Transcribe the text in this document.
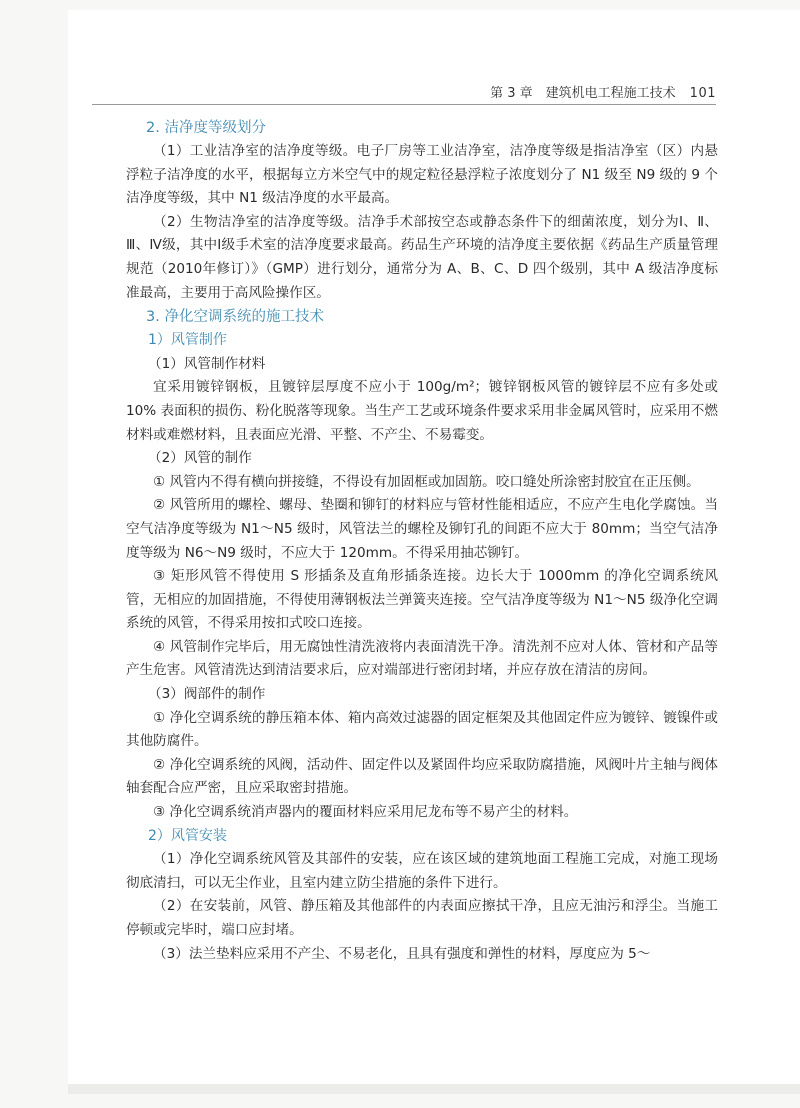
第 3 章　建筑机电工程施工技术 101

2. 洁净度等级划分

（1）工业洁净室的洁净度等级。电子厂房等工业洁净室，洁净度等级是指洁净室（区）内悬浮粒子洁净度的水平，根据每立方米空气中的规定粒径悬浮粒子浓度划分了 N1 级至 N9 级的 9 个洁净度等级，其中 N1 级洁净度的水平最高。

（2）生物洁净室的洁净度等级。洁净手术部按空态或静态条件下的细菌浓度，划分为Ⅰ、Ⅱ、Ⅲ、Ⅳ级，其中Ⅰ级手术室的洁净度要求最高。药品生产环境的洁净度主要依据《药品生产质量管理规范（2010年修订）》（GMP）进行划分，通常分为 A、B、C、D 四个级别，其中 A 级洁净度标准最高，主要用于高风险操作区。

3. 净化空调系统的施工技术

1）风管制作

（1）风管制作材料

宜采用镀锌钢板，且镀锌层厚度不应小于 100g/m²；镀锌钢板风管的镀锌层不应有多处或 10% 表面积的损伤、粉化脱落等现象。当生产工艺或环境条件要求采用非金属风管时，应采用不燃材料或难燃材料，且表面应光滑、平整、不产尘、不易霉变。

（2）风管的制作

① 风管内不得有横向拼接缝，不得设有加固框或加固筋。咬口缝处所涂密封胶宜在正压侧。

② 风管所用的螺栓、螺母、垫圈和铆钉的材料应与管材性能相适应，不应产生电化学腐蚀。当空气洁净度等级为 N1～N5 级时，风管法兰的螺栓及铆钉孔的间距不应大于 80mm；当空气洁净度等级为 N6～N9 级时，不应大于 120mm。不得采用抽芯铆钉。

③ 矩形风管不得使用 S 形插条及直角形插条连接。边长大于 1000mm 的净化空调系统风管，无相应的加固措施，不得使用薄钢板法兰弹簧夹连接。空气洁净度等级为 N1～N5 级净化空调系统的风管，不得采用按扣式咬口连接。

④ 风管制作完毕后，用无腐蚀性清洗液将内表面清洗干净。清洗剂不应对人体、管材和产品等产生危害。风管清洗达到清洁要求后，应对端部进行密闭封堵，并应存放在清洁的房间。

（3）阀部件的制作

① 净化空调系统的静压箱本体、箱内高效过滤器的固定框架及其他固定件应为镀锌、镀镍件或其他防腐件。

② 净化空调系统的风阀，活动件、固定件以及紧固件均应采取防腐措施，风阀叶片主轴与阀体轴套配合应严密，且应采取密封措施。

③ 净化空调系统消声器内的覆面材料应采用尼龙布等不易产尘的材料。

2）风管安装

（1）净化空调系统风管及其部件的安装，应在该区域的建筑地面工程施工完成，对施工现场彻底清扫，可以无尘作业，且室内建立防尘措施的条件下进行。

（2）在安装前，风管、静压箱及其他部件的内表面应擦拭干净，且应无油污和浮尘。当施工停顿或完毕时，端口应封堵。

（3）法兰垫料应采用不产尘、不易老化，且具有强度和弹性的材料，厚度应为 5～
